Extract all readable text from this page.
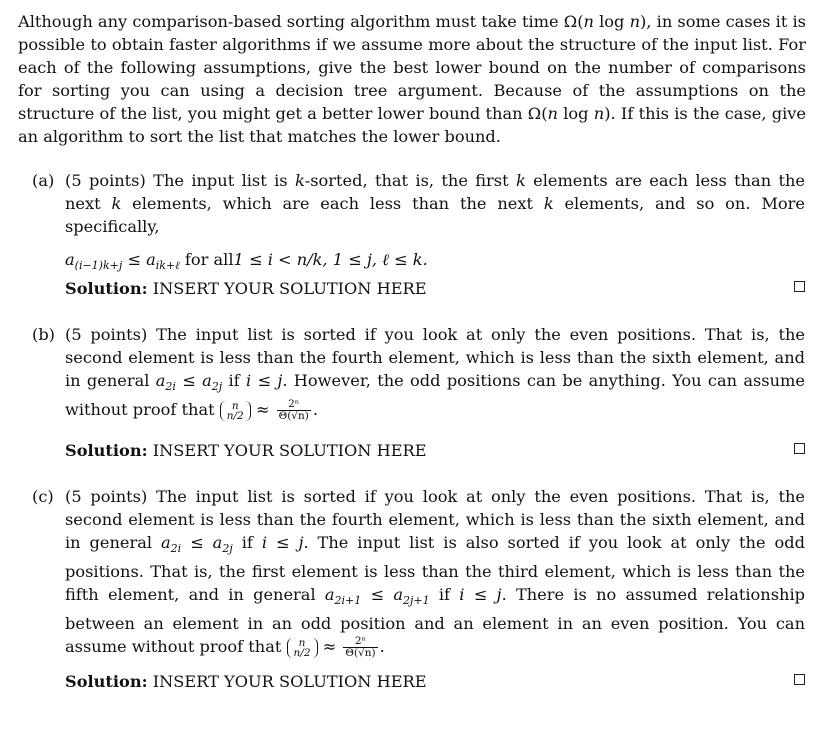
Although any comparison-based sorting algorithm must take time Ω(n log n), in some cases it is possible to obtain faster algorithms if we assume more about the structure of the input list. For each of the following assumptions, give the best lower bound on the number of comparisons for sorting you can using a decision tree argument. Because of the assumptions on the structure of the list, you might get a better lower bound than Ω(n log n). If this is the case, give an algorithm to sort the list that matches the lower bound.

(a) (5 points) The input list is k-sorted, that is, the first k elements are each less than the next k elements, which are each less than the next k elements, and so on. More specifically,

$a_{(i-1)k+j} \le a_{ik+\ell}$ for all1 ≤ i < n/k, 1 ≤ j, ℓ ≤ k.

Solution: INSERT YOUR SOLUTION HERE
(b) (5 points) The input list is sorted if you look at only the even positions. That is, the second element is less than the fourth element, which is less than the sixth element, and in general $a_{2i} \le a_{2j}$ if i ≤ j. However, the odd positions can be anything. You can assume without proof that	n
$n/2 \approx \frac{\text{2ⁿ}}{\Theta(√n)}$ .

Solution: INSERT YOUR SOLUTION HERE
(c) (5 points) The input list is sorted if you look at only the even positions. That is, the second element is less than the fourth element, which is less than the sixth element, and in general $a_{2i} \le a_{2j}$ if i ≤ j. The input list is also sorted if you look at only the odd positions. That is, the first element is less than the third element, which is less than the fifth element, and in general $a_{2i+1} \le a_{2j+1}$ if i ≤ j. There is no assumed relationship between an element in an odd position and an element in an even position. You can assume without proof that	n
$n/2 \approx \frac{\text{2ⁿ}}{\Theta(√n)}$ .

Solution: INSERT YOUR SOLUTION HERE
